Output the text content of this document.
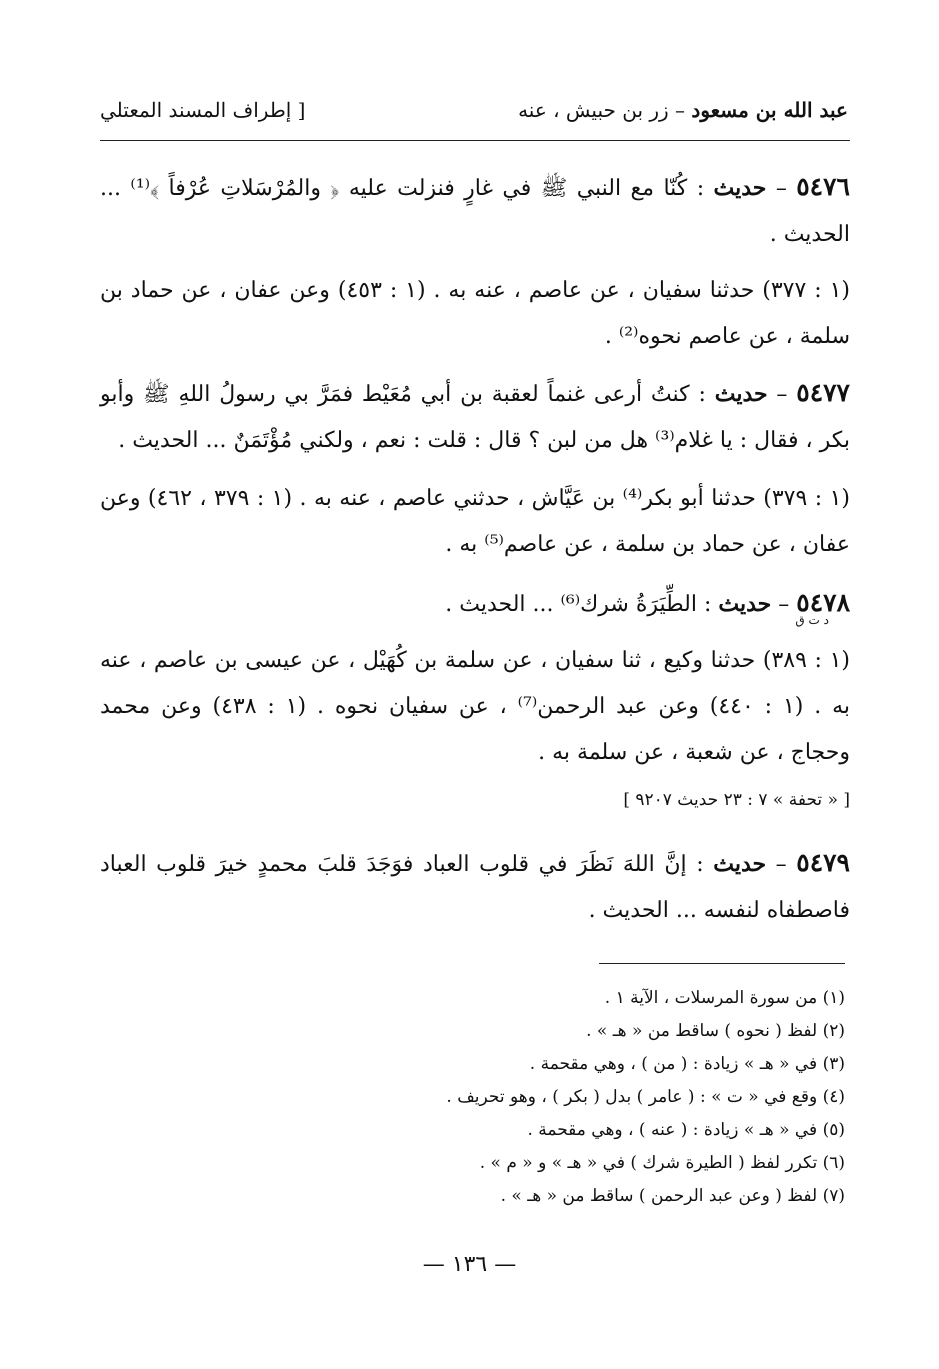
عبد الله بن مسعود – زر بن حبيش ، عنه
[ إطراف المسند المعتلي
٥٤٧٦ – حديث : كُنّا مع النبي ﷺ في غارٍ فنزلت عليه ﴿ والمُرْسَلاتِ عُرْفاً ﴾⁽¹⁾ ... الحديث .
(١ : ٣٧٧) حدثنا سفيان ، عن عاصم ، عنه به . (١ : ٤٥٣) وعن عفان ، عن حماد بن سلمة ، عن عاصم نحوه⁽²⁾ .
٥٤٧٧ – حديث : كنتُ أرعى غنماً لعقبة بن أبي مُعَيْط فمَرَّ بي رسولُ اللهِ ﷺ وأبو بكر ، فقال : يا غلام⁽³⁾ هل من لبن ؟ قال : قلت : نعم ، ولكني مُؤْتَمَنٌ ... الحديث .
(١ : ٣٧٩) حدثنا أبو بكر⁽⁴⁾ بن عَيَّاش ، حدثني عاصم ، عنه به . (١ : ٣٧٩ ، ٤٦٢) وعن عفان ، عن حماد بن سلمة ، عن عاصم⁽⁵⁾ به .
٥٤٧٨ – حديث : الطِّيَرَةُ شرك⁽⁶⁾ ... الحديث .
د ت ق
(١ : ٣٨٩) حدثنا وكيع ، ثنا سفيان ، عن سلمة بن كُهَيْل ، عن عيسى بن عاصم ، عنه به . (١ : ٤٤٠) وعن عبد الرحمن⁽⁷⁾ ، عن سفيان نحوه . (١ : ٤٣٨) وعن محمد وحجاج ، عن شعبة ، عن سلمة به .
[ « تحفة » ٧ : ٢٣ حديث ٩٢٠٧ ]
٥٤٧٩ – حديث : إنَّ اللهَ نَظَرَ في قلوب العباد فوَجَدَ قلبَ محمدٍ خيرَ قلوب العباد فاصطفاه لنفسه ... الحديث .
(١) من سورة المرسلات ، الآية ١ .
(٢) لفظ ( نحوه ) ساقط من « هـ » .
(٣) في « هـ » زيادة : ( من ) ، وهي مقحمة .
(٤) وقع في « ت » : ( عامر ) بدل ( بكر ) ، وهو تحريف .
(٥) في « هـ » زيادة : ( عنه ) ، وهي مقحمة .
(٦) تكرر لفظ ( الطيرة شرك ) في « هـ » و « م » .
(٧) لفظ ( وعن عبد الرحمن ) ساقط من « هـ » .
— ١٣٦ —
